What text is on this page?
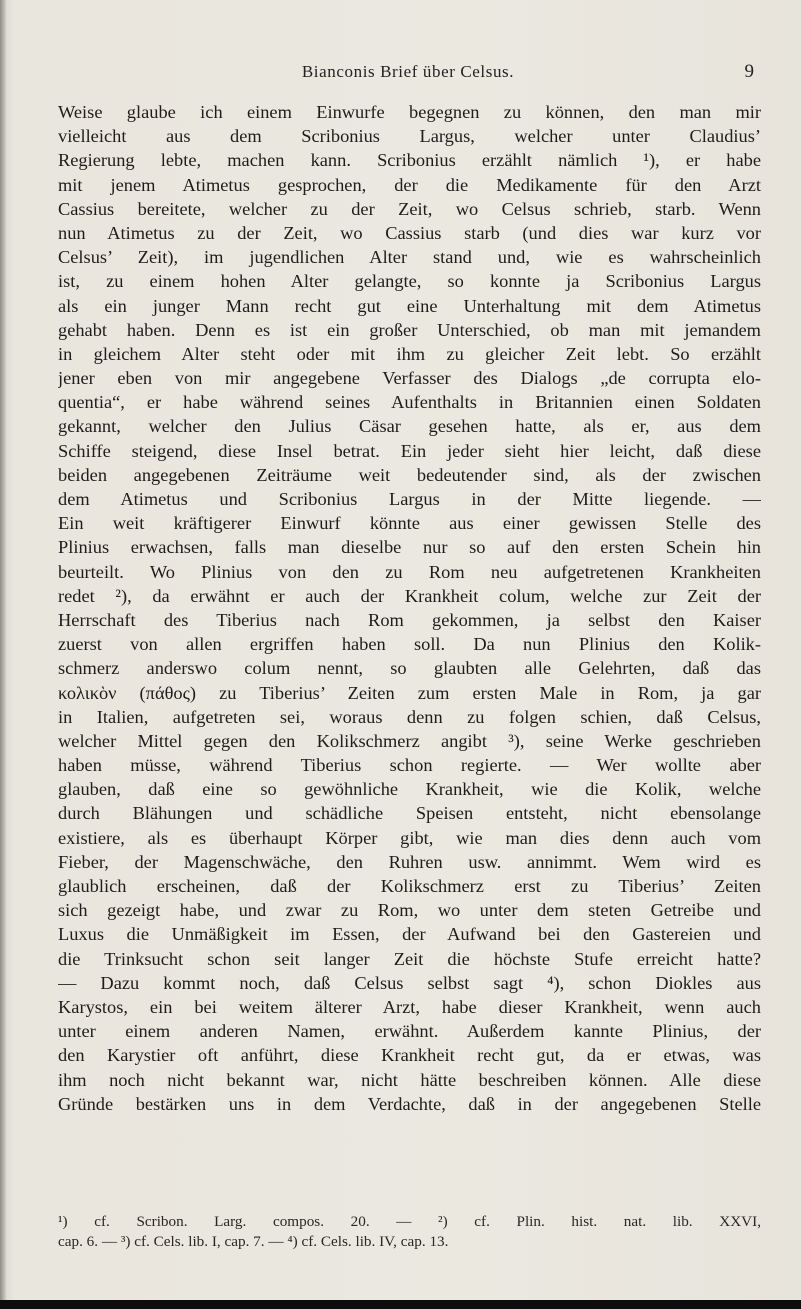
Bianconis Brief über Celsus.	9
Weise glaube ich einem Einwurfe begegnen zu können, den man mir
vielleicht aus dem Scribonius Largus, welcher unter Claudius’
Regierung lebte, machen kann. Scribonius erzählt nämlich ¹), er habe
mit jenem Atimetus gesprochen, der die Medikamente für den Arzt
Cassius bereitete, welcher zu der Zeit, wo Celsus schrieb, starb. Wenn
nun Atimetus zu der Zeit, wo Cassius starb (und dies war kurz vor
Celsus’ Zeit), im jugendlichen Alter stand und, wie es wahrscheinlich
ist, zu einem hohen Alter gelangte, so konnte ja Scribonius Largus
als ein junger Mann recht gut eine Unterhaltung mit dem Atimetus
gehabt haben. Denn es ist ein großer Unterschied, ob man mit jemandem
in gleichem Alter steht oder mit ihm zu gleicher Zeit lebt. So erzählt
jener eben von mir angegebene Verfasser des Dialogs „de corrupta elo-
quentia“, er habe während seines Aufenthalts in Britannien einen Soldaten
gekannt, welcher den Julius Cäsar gesehen hatte, als er, aus dem
Schiffe steigend, diese Insel betrat. Ein jeder sieht hier leicht, daß diese
beiden angegebenen Zeiträume weit bedeutender sind, als der zwischen
dem Atimetus und Scribonius Largus in der Mitte liegende. —
Ein weit kräftigerer Einwurf könnte aus einer gewissen Stelle des
Plinius erwachsen, falls man dieselbe nur so auf den ersten Schein hin
beurteilt. Wo Plinius von den zu Rom neu aufgetretenen Krankheiten
redet ²), da erwähnt er auch der Krankheit colum, welche zur Zeit der
Herrschaft des Tiberius nach Rom gekommen, ja selbst den Kaiser
zuerst von allen ergriffen haben soll. Da nun Plinius den Kolik-
schmerz anderswo colum nennt, so glaubten alle Gelehrten, daß das
κολικὸν (πάθος) zu Tiberius’ Zeiten zum ersten Male in Rom, ja gar
in Italien, aufgetreten sei, woraus denn zu folgen schien, daß Celsus,
welcher Mittel gegen den Kolikschmerz angibt ³), seine Werke geschrieben
haben müsse, während Tiberius schon regierte. — Wer wollte aber
glauben, daß eine so gewöhnliche Krankheit, wie die Kolik, welche
durch Blähungen und schädliche Speisen entsteht, nicht ebensolange
existiere, als es überhaupt Körper gibt, wie man dies denn auch vom
Fieber, der Magenschwäche, den Ruhren usw. annimmt. Wem wird es
glaublich erscheinen, daß der Kolikschmerz erst zu Tiberius’ Zeiten
sich gezeigt habe, und zwar zu Rom, wo unter dem steten Getreibe und
Luxus die Unmäßigkeit im Essen, der Aufwand bei den Gastereien und
die Trinksucht schon seit langer Zeit die höchste Stufe erreicht hatte?
— Dazu kommt noch, daß Celsus selbst sagt ⁴), schon Diokles aus
Karystos, ein bei weitem älterer Arzt, habe dieser Krankheit, wenn auch
unter einem anderen Namen, erwähnt. Außerdem kannte Plinius, der
den Karystier oft anführt, diese Krankheit recht gut, da er etwas, was
ihm noch nicht bekannt war, nicht hätte beschreiben können. Alle diese
Gründe bestärken uns in dem Verdachte, daß in der angegebenen Stelle
¹) cf. Scribon. Larg. compos. 20. — ²) cf. Plin. hist. nat. lib. XXVI,
cap. 6. — ³) cf. Cels. lib. I, cap. 7. — ⁴) cf. Cels. lib. IV, cap. 13.
